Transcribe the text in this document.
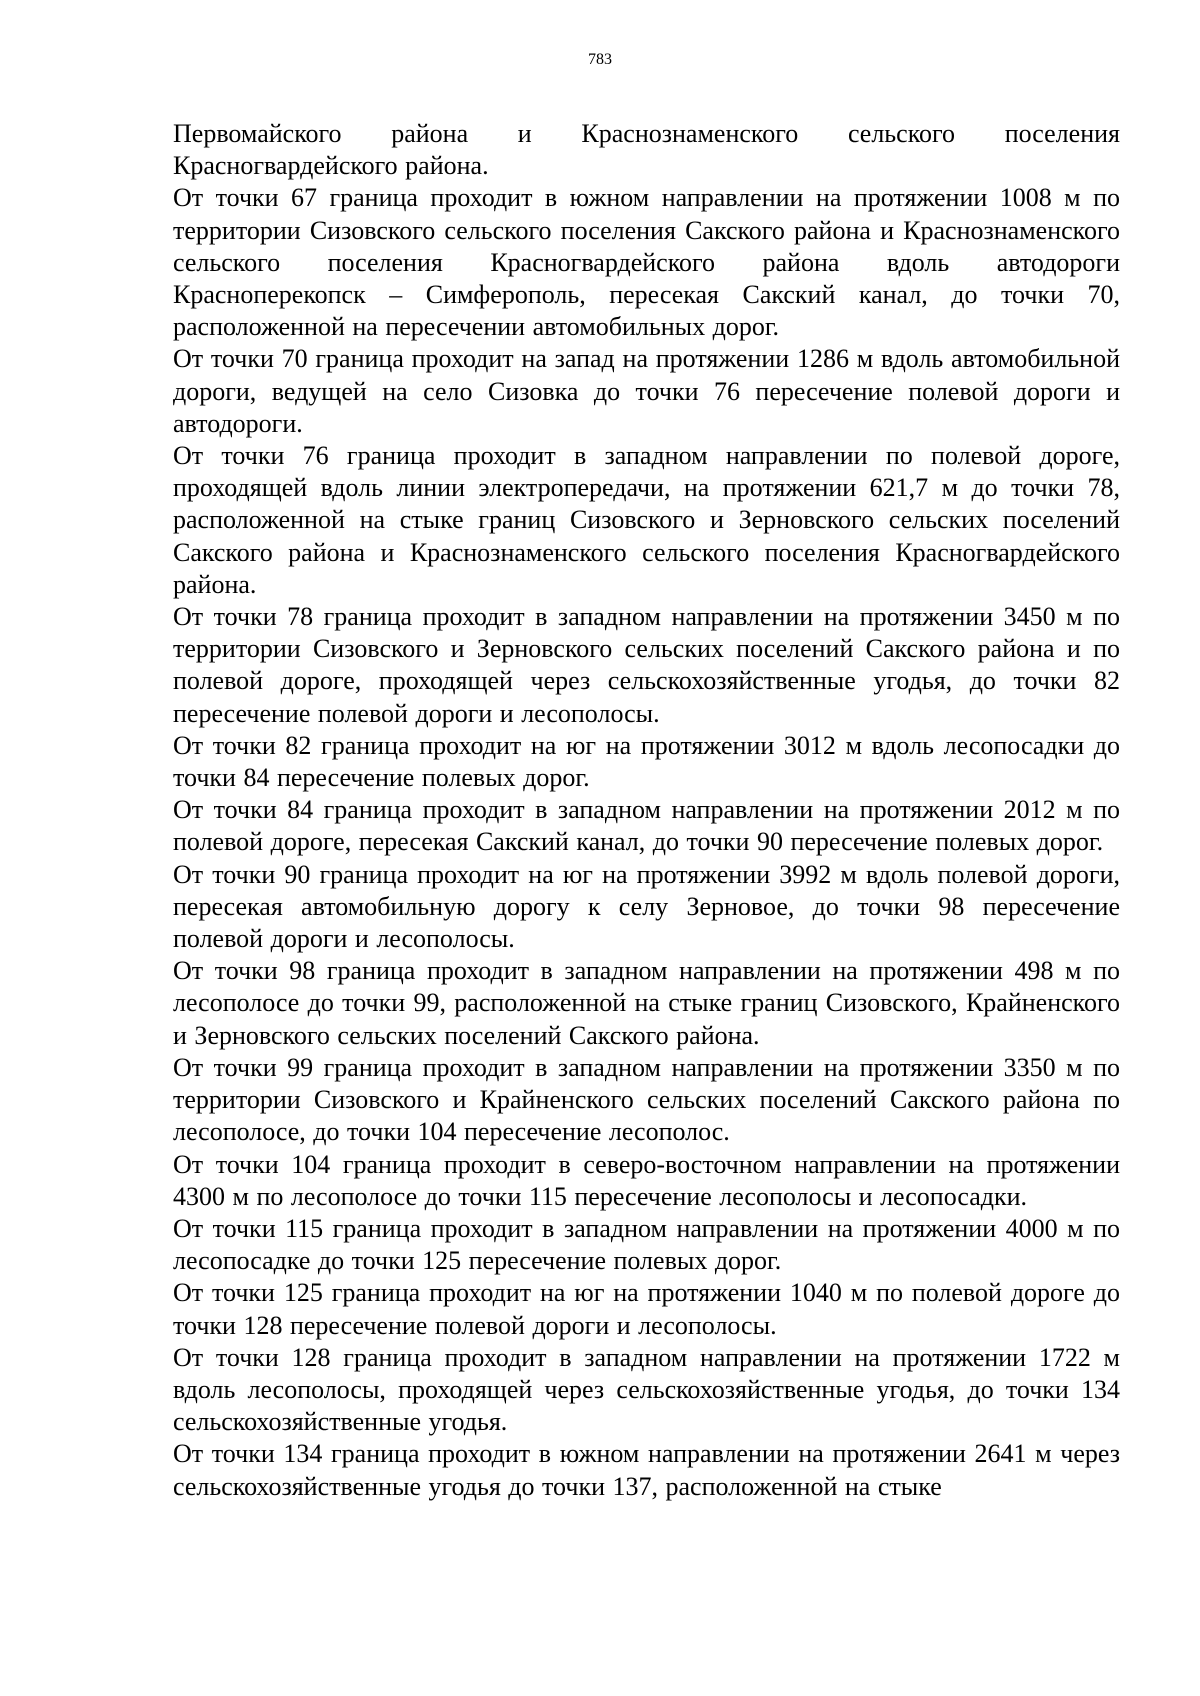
783

Первомайского района и Краснознаменского сельского поселения Красногвардейского района.

От точки 67 граница проходит в южном направлении на протяжении 1008 м по территории Сизовского сельского поселения Сакского района и Краснознаменского сельского поселения Красногвардейского района вдоль автодороги Красноперекопск – Симферополь, пересекая Сакский канал, до точки 70, расположенной на пересечении автомобильных дорог.

От точки 70 граница проходит на запад на протяжении 1286 м вдоль автомобильной дороги, ведущей на село Сизовка до точки 76 пересечение полевой дороги и автодороги.

От точки 76 граница проходит в западном направлении по полевой дороге, проходящей вдоль линии электропередачи, на протяжении 621,7 м до точки 78, расположенной на стыке границ Сизовского и Зерновского сельских поселений Сакского района и Краснознаменского сельского поселения Красногвардейского района.

От точки 78 граница проходит в западном направлении на протяжении 3450 м по территории Сизовского и Зерновского сельских поселений Сакского района и по полевой дороге, проходящей через сельскохозяйственные угодья, до точки 82 пересечение полевой дороги и лесополосы.

От точки 82 граница проходит на юг на протяжении 3012 м вдоль лесопосадки до точки 84 пересечение полевых дорог.

От точки 84 граница проходит в западном направлении на протяжении 2012 м по полевой дороге, пересекая Сакский канал, до точки 90 пересечение полевых дорог.

От точки 90 граница проходит на юг на протяжении 3992 м вдоль полевой дороги, пересекая автомобильную дорогу к селу Зерновое, до точки 98 пересечение полевой дороги и лесополосы.

От точки 98 граница проходит в западном направлении на протяжении 498 м по лесополосе до точки 99, расположенной на стыке границ Сизовского, Крайненского и Зерновского сельских поселений Сакского района.

От точки 99 граница проходит в западном направлении на протяжении 3350 м по территории Сизовского и Крайненского сельских поселений Сакского района по лесополосе, до точки 104 пересечение лесополос.

От точки 104 граница проходит в северо-восточном направлении на протяжении 4300 м по лесополосе до точки 115 пересечение лесополосы и лесопосадки.

От точки 115 граница проходит в западном направлении на протяжении 4000 м по лесопосадке до точки 125 пересечение полевых дорог.

От точки 125 граница проходит на юг на протяжении 1040 м по полевой дороге до точки 128 пересечение полевой дороги и лесополосы.

От точки 128 граница проходит в западном направлении на протяжении 1722 м вдоль лесополосы, проходящей через сельскохозяйственные угодья, до точки 134 сельскохозяйственные угодья.

От точки 134 граница проходит в южном направлении на протяжении 2641 м через сельскохозяйственные угодья до точки 137, расположенной на стыке
